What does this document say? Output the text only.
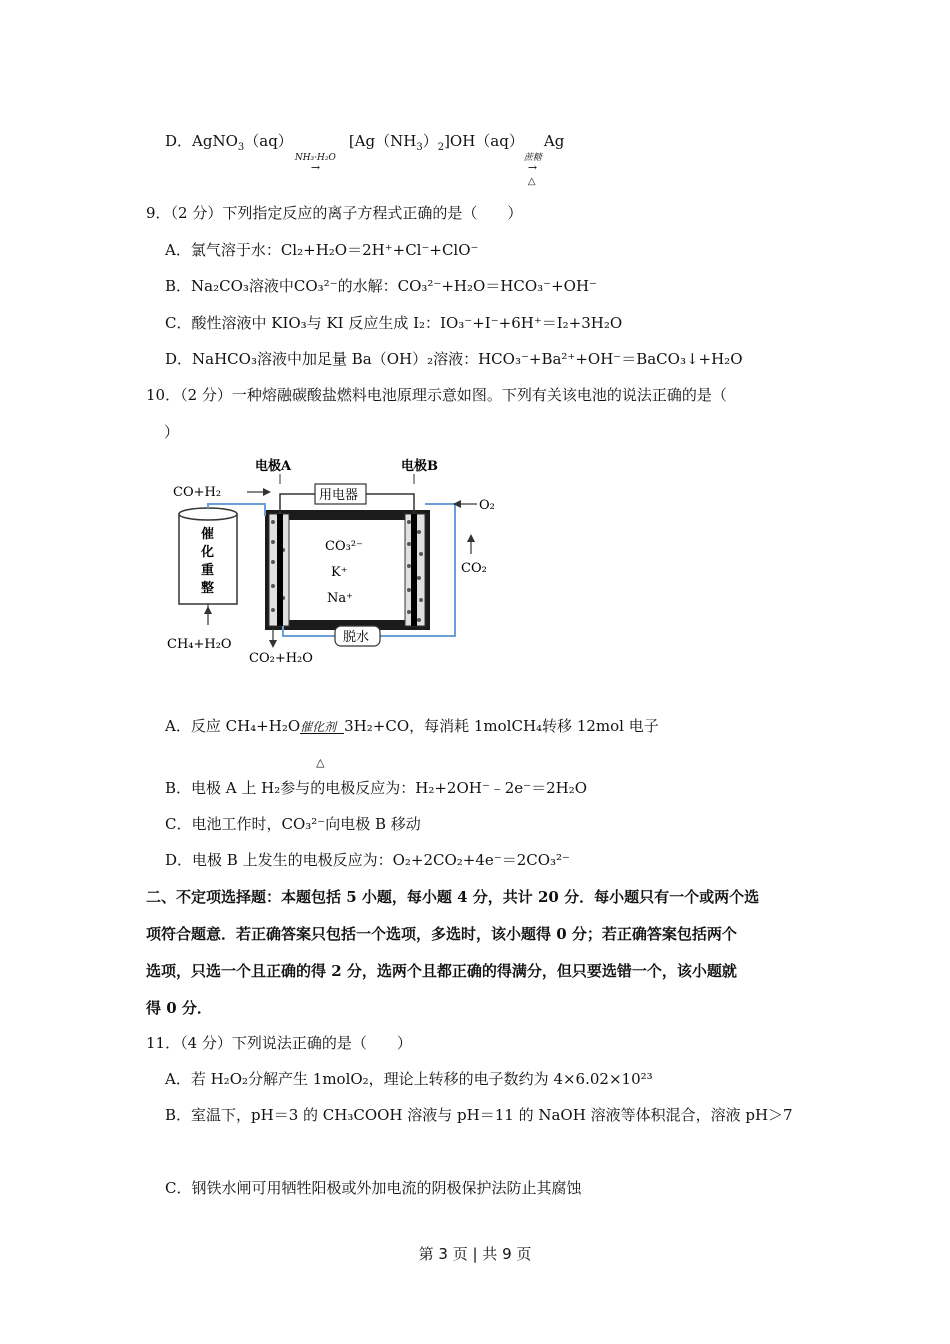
D．AgNO$_3$（aq）
NH₃·H₂O
→
$[Ag(NH_3)_2]OH(aq)$
蔗糖
→
△
Ag
9．（2 分）下列指定反应的离子方程式正确的是（　　）
A．氯气溶于水：Cl₂+H₂O＝2H⁺+Cl⁻+ClO⁻
B．Na₂CO₃溶液中CO₃²⁻的水解：CO₃²⁻+H₂O＝HCO₃⁻+OH⁻
C．酸性溶液中 KIO₃与 KI 反应生成 I₂：IO₃⁻+I⁻+6H⁺＝I₂+3H₂O
D．NaHCO₃溶液中加足量 Ba（OH）₂溶液：HCO₃⁻+Ba²⁺+OH⁻＝BaCO₃↓+H₂O
10．（2 分）一种熔融碳酸盐燃料电池原理示意如图。下列有关该电池的说法正确的是（
）
CO₃²⁻
K⁺
Na⁺
用电器
电极A	电极B
CO+H₂
催
化
重
整
CH₄+H₂O
O₂
CO₂
脱水
CO₂+H₂O
A．反应 CH₄+H₂O 催化剂
△
3H₂+CO，每消耗 1molCH₄转移 12mol 电子
B．电极 A 上 H₂参与的电极反应为：H₂+2OH⁻﹣2e⁻＝2H₂O
C．电池工作时，CO₃²⁻向电极 B 移动
D．电极 B 上发生的电极反应为：O₂+2CO₂+4e⁻＝2CO₃²⁻
二、不定项选择题：本题包括 5 小题，每小题 4 分，共计 20 分．每小题只有一个或两个选
项符合题意．若正确答案只包括一个选项，多选时，该小题得 0 分；若正确答案包括两个
选项，只选一个且正确的得 2 分，选两个且都正确的得满分，但只要选错一个，该小题就
得 0 分．
11．（4 分）下列说法正确的是（　　）
A．若 H₂O₂分解产生 1molO₂，理论上转移的电子数约为 4×6.02×10²³
B．室温下，pH＝3 的 CH₃COOH 溶液与 pH＝11 的 NaOH 溶液等体积混合，溶液 pH＞7
C．钢铁水闸可用牺牲阳极或外加电流的阴极保护法防止其腐蚀
第 3 页 | 共 9 页
